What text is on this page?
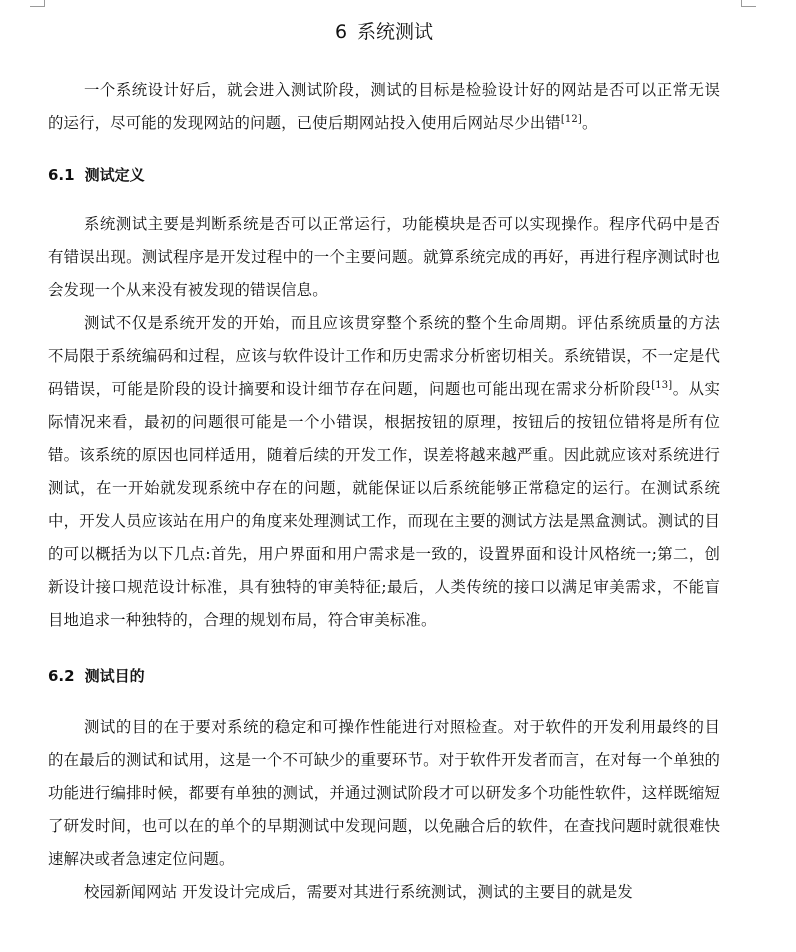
6 系统测试

一个系统设计好后，就会进入测试阶段，测试的目标是检验设计好的网站是否可以正常无误的运行，尽可能的发现网站的问题，已使后期网站投入使用后网站尽少出错[12]。

6.1 测试定义

系统测试主要是判断系统是否可以正常运行，功能模块是否可以实现操作。程序代码中是否有错误出现。测试程序是开发过程中的一个主要问题。就算系统完成的再好，再进行程序测试时也会发现一个从来没有被发现的错误信息。

测试不仅是系统开发的开始，而且应该贯穿整个系统的整个生命周期。评估系统质量的方法不局限于系统编码和过程，应该与软件设计工作和历史需求分析密切相关。系统错误，不一定是代码错误，可能是阶段的设计摘要和设计细节存在问题，问题也可能出现在需求分析阶段[13]。从实际情况来看，最初的问题很可能是一个小错误，根据按钮的原理，按钮后的按钮位错将是所有位错。该系统的原因也同样适用，随着后续的开发工作，误差将越来越严重。因此就应该对系统进行测试，在一开始就发现系统中存在的问题，就能保证以后系统能够正常稳定的运行。在测试系统中，开发人员应该站在用户的角度来处理测试工作，而现在主要的测试方法是黑盒测试。测试的目的可以概括为以下几点:首先，用户界面和用户需求是一致的，设置界面和设计风格统一;第二，创新设计接口规范设计标准，具有独特的审美特征;最后，人类传统的接口以满足审美需求，不能盲目地追求一种独特的，合理的规划布局，符合审美标准。

6.2 测试目的

测试的目的在于要对系统的稳定和可操作性能进行对照检查。对于软件的开发利用最终的目的在最后的测试和试用，这是一个不可缺少的重要环节。对于软件开发者而言，在对每一个单独的功能进行编排时候，都要有单独的测试，并通过测试阶段才可以研发多个功能性软件，这样既缩短了研发时间，也可以在的单个的早期测试中发现问题，以免融合后的软件，在查找问题时就很难快速解决或者急速定位问题。

校园新闻网站 开发设计完成后，需要对其进行系统测试，测试的主要目的就是发
